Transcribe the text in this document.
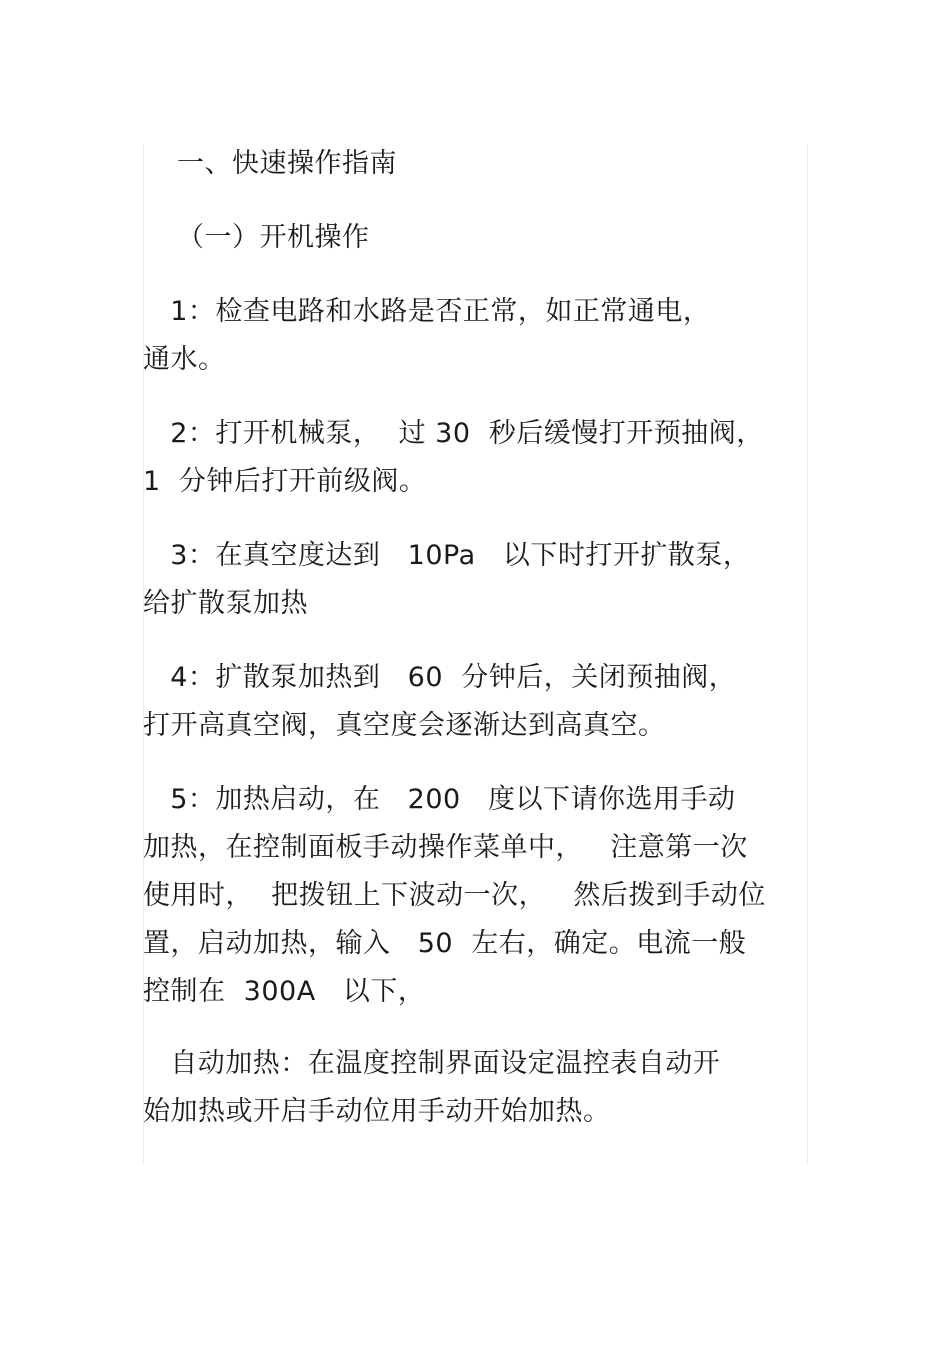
一、快速操作指南
（一）开机操作
1：检查电路和水路是否正常，如正常通电，
通水。
2：打开机械泵，  过 30  秒后缓慢打开预抽阀，
1  分钟后打开前级阀。
3：在真空度达到   10Pa   以下时打开扩散泵，
给扩散泵加热
4：扩散泵加热到   60  分钟后，关闭预抽阀，
打开高真空阀，真空度会逐渐达到高真空。
5：加热启动，在   200   度以下请你选用手动
加热，在控制面板手动操作菜单中，   注意第一次
使用时，  把拨钮上下波动一次，   然后拨到手动位
置，启动加热，输入   50  左右，确定。电流一般
控制在  300A   以下，
自动加热：在温度控制界面设定温控表自动开
始加热或开启手动位用手动开始加热。
